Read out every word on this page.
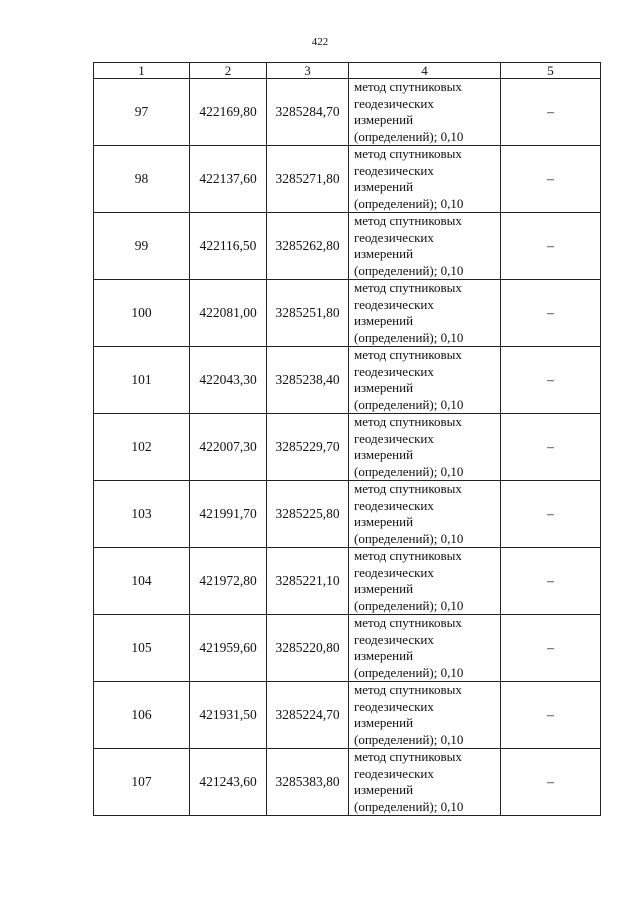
422
1	2	3	4	5
97	422169,80	3285284,70	метод спутниковых
геодезических
измерений
(определений); 0,10	–
98	422137,60	3285271,80	метод спутниковых
геодезических
измерений
(определений); 0,10	–
99	422116,50	3285262,80	метод спутниковых
геодезических
измерений
(определений); 0,10	–
100	422081,00	3285251,80	метод спутниковых
геодезических
измерений
(определений); 0,10	–
101	422043,30	3285238,40	метод спутниковых
геодезических
измерений
(определений); 0,10	–
102	422007,30	3285229,70	метод спутниковых
геодезических
измерений
(определений); 0,10	–
103	421991,70	3285225,80	метод спутниковых
геодезических
измерений
(определений); 0,10	–
104	421972,80	3285221,10	метод спутниковых
геодезических
измерений
(определений); 0,10	–
105	421959,60	3285220,80	метод спутниковых
геодезических
измерений
(определений); 0,10	–
106	421931,50	3285224,70	метод спутниковых
геодезических
измерений
(определений); 0,10	–
107	421243,60	3285383,80	метод спутниковых
геодезических
измерений
(определений); 0,10	–
